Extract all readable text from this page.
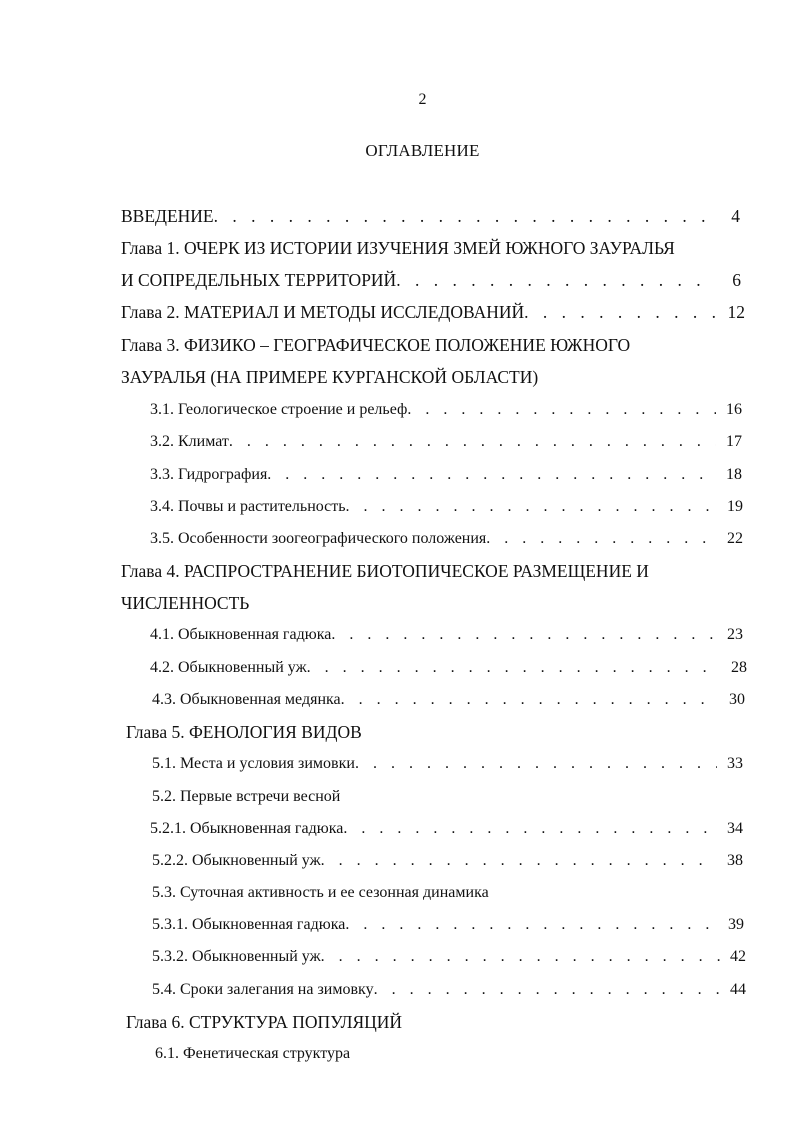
2
ОГЛАВЛЕНИЕ
ВВЕДЕНИЕ . . .	4
Глава 1. ОЧЕРК ИЗ ИСТОРИИ ИЗУЧЕНИЯ ЗМЕЙ ЮЖНОГО ЗАУРАЛЬЯ
И СОПРЕДЕЛЬНЫХ ТЕРРИТОРИЙ . . .	6
Глава 2. МАТЕРИАЛ И МЕТОДЫ ИССЛЕДОВАНИЙ . . .	12
Глава 3. ФИЗИКО – ГЕОГРАФИЧЕСКОЕ ПОЛОЖЕНИЕ ЮЖНОГО
ЗАУРАЛЬЯ (НА ПРИМЕРЕ КУРГАНСКОЙ ОБЛАСТИ)
3.1. Геологическое строение и рельеф . . .	16
3.2. Климат . . .	17
3.3. Гидрография . . .	18
3.4. Почвы и растительность . . .	19
3.5. Особенности зоогеографического положения . . .	22
Глава 4. РАСПРОСТРАНЕНИЕ БИОТОПИЧЕСКОЕ РАЗМЕЩЕНИЕ И
ЧИСЛЕННОСТЬ
4.1. Обыкновенная гадюка . . .	23
4.2. Обыкновенный уж . . .	28
4.3. Обыкновенная медянка . . .	30
Глава 5. ФЕНОЛОГИЯ ВИДОВ
5.1. Места и условия зимовки . . .	33
5.2. Первые встречи весной
5.2.1. Обыкновенная гадюка . . .	34
5.2.2. Обыкновенный уж . . .	38
5.3. Суточная активность и ее сезонная динамика
5.3.1. Обыкновенная гадюка . . .	39
5.3.2. Обыкновенный уж . . .	42
5.4. Сроки залегания на зимовку . . .	44
Глава 6. СТРУКТУРА ПОПУЛЯЦИЙ
6.1. Фенетическая структура
